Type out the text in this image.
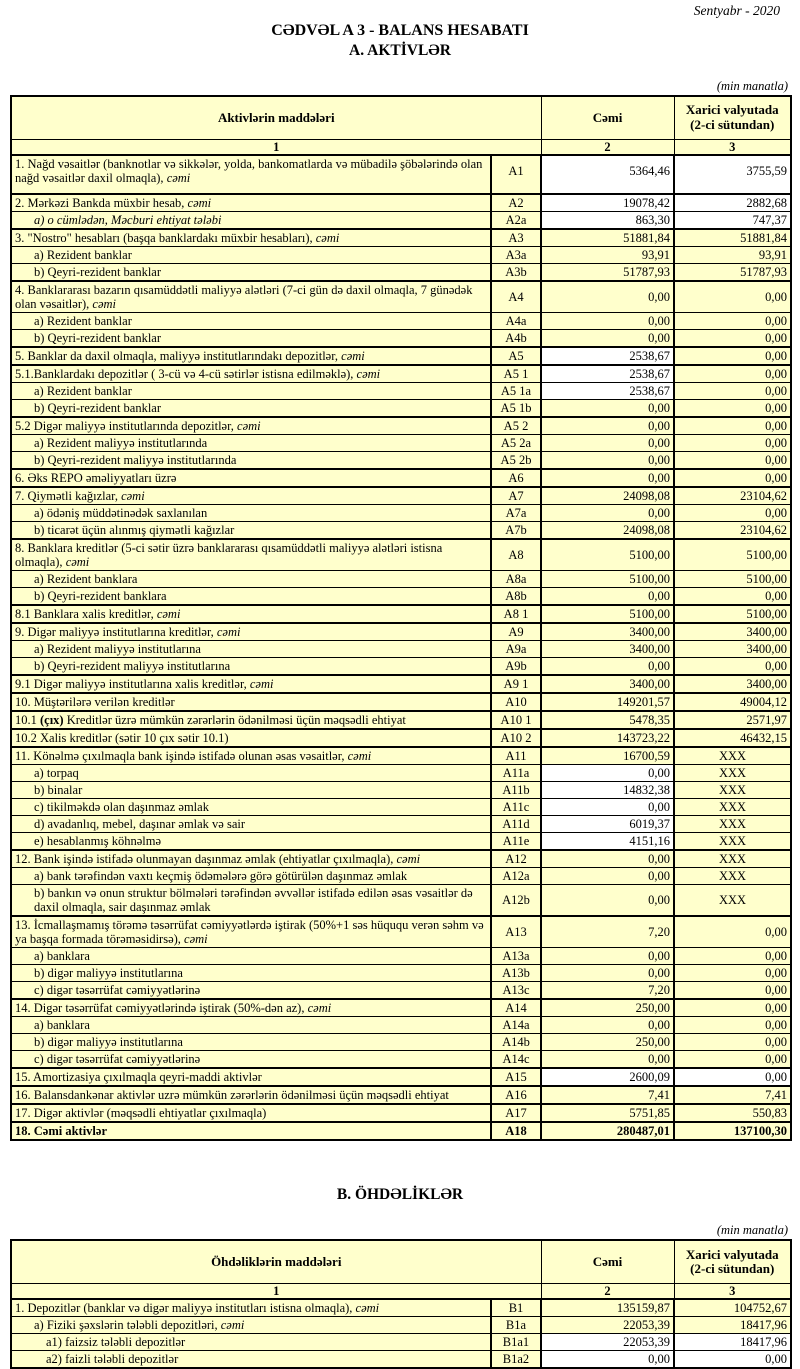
Sentyabr - 2020
CƏDVƏL A 3 - BALANS HESABATI
A. AKTİVLƏR
(min manatla)
Aktivlərin maddələri		Cəmi	Xarici valyutada (2-ci sütundan)
1		2	3
1. Nağd vəsaitlər (banknotlar və sikkələr, yolda, bankomatlarda və mübadilə şöbələrində olan nağd vəsaitlər daxil olmaqla), cəmi	A1	5364,46	3755,59
2. Mərkəzi Bankda müxbir hesab, cəmi	A2	19078,42	2882,68
a) o cümlədən, Məcburi ehtiyat tələbi	A2a	863,30	747,37
3. "Nostro" hesabları (başqa banklardakı müxbir hesabları), cəmi	A3	51881,84	51881,84
a) Rezident banklar	A3a	93,91	93,91
b) Qeyri-rezident banklar	A3b	51787,93	51787,93
4. Banklararası bazarın qısamüddətli maliyyə alətləri (7-ci gün də daxil olmaqla, 7 günədək olan vəsaitlər), cəmi	A4	0,00	0,00
a) Rezident banklar	A4a	0,00	0,00
b) Qeyri-rezident banklar	A4b	0,00	0,00
5. Banklar da daxil olmaqla, maliyyə institutlarındakı depozitlər, cəmi	A5	2538,67	0,00
5.1.Banklardakı depozitlər ( 3-cü və 4-cü sətirlər istisna edilməklə), cəmi	A5 1	2538,67	0,00
a) Rezident banklar	A5 1a	2538,67	0,00
b) Qeyri-rezident banklar	A5 1b	0,00	0,00
5.2 Digər maliyyə institutlarında depozitlər, cəmi	A5 2	0,00	0,00
a) Rezident maliyyə institutlarında	A5 2a	0,00	0,00
b) Qeyri-rezident maliyyə institutlarında	A5 2b	0,00	0,00
6. Əks REPO əməliyyatları üzrə	A6	0,00	0,00
7. Qiymətli kağızlar, cəmi	A7	24098,08	23104,62
a) ödəniş müddətinədək saxlanılan	A7a	0,00	0,00
b) ticarət üçün alınmış qiymətli kağızlar	A7b	24098,08	23104,62
8. Banklara kreditlər (5-ci sətir üzrə banklararası qısamüddətli maliyyə alətləri istisna olmaqla), cəmi	A8	5100,00	5100,00
a) Rezident banklara	A8a	5100,00	5100,00
b) Qeyri-rezident banklara	A8b	0,00	0,00
8.1 Banklara xalis kreditlər, cəmi	A8 1	5100,00	5100,00
9. Digər maliyyə institutlarına kreditlər, cəmi	A9	3400,00	3400,00
a) Rezident maliyyə institutlarına	A9a	3400,00	3400,00
b) Qeyri-rezident maliyyə institutlarına	A9b	0,00	0,00
9.1 Digər maliyyə institutlarına xalis kreditlər, cəmi	A9 1	3400,00	3400,00
10. Müştərilərə verilən kreditlər	A10	149201,57	49004,12
10.1 (çıx) Kreditlər üzrə mümkün zərərlərin ödənilməsi üçün məqsədli ehtiyat	A10 1	5478,35	2571,97
10.2 Xalis kreditlər (sətir 10 çıx sətir 10.1)	A10 2	143723,22	46432,15
11. Könəlmə çıxılmaqla bank işində istifadə olunan əsas vəsaitlər, cəmi	A11	16700,59	XXX
a) torpaq	A11a	0,00	XXX
b) binalar	A11b	14832,38	XXX
c) tikilməkdə olan daşınmaz əmlak	A11c	0,00	XXX
d) avadanlıq, mebel, daşınar əmlak və sair	A11d	6019,37	XXX
e) hesablanmış köhnəlmə	A11e	4151,16	XXX
12. Bank işində istifadə olunmayan daşınmaz əmlak (ehtiyatlar çıxılmaqla), cəmi	A12	0,00	XXX
a) bank tərəfindən vaxtı keçmiş ödəmələrə görə götürülən daşınmaz əmlak	A12a	0,00	XXX
b) bankın və onun struktur bölmələri tərəfindən əvvəllər istifadə edilən əsas vəsaitlər də daxil olmaqla, sair daşınmaz əmlak	A12b	0,00	XXX
13. İcmallaşmamış törəmə təsərrüfat cəmiyyətlərdə iştirak (50%+1 səs hüququ verən səhm və ya başqa formada törəməsidirsə), cəmi	A13	7,20	0,00
a) banklara	A13a	0,00	0,00
b) digər maliyyə institutlarına	A13b	0,00	0,00
c) digər təsərrüfat cəmiyyətlərinə	A13c	7,20	0,00
14. Digər təsərrüfat cəmiyyətlərində iştirak (50%-dən az), cəmi	A14	250,00	0,00
a) banklara	A14a	0,00	0,00
b) digər maliyyə institutlarına	A14b	250,00	0,00
c) digər təsərrüfat cəmiyyətlərinə	A14c	0,00	0,00
15. Amortizasiya çıxılmaqla qeyri-maddi aktivlər	A15	2600,09	0,00
16. Balansdankənar aktivlər uzrə mümkün zərərlərin ödənilməsi üçün məqsədli ehtiyat	A16	7,41	7,41
17. Digər aktivlər (məqsədli ehtiyatlar çıxılmaqla)	A17	5751,85	550,83
18. Cəmi aktivlər	A18	280487,01	137100,30
B. ÖHDƏLİKLƏR
(min manatla)
Öhdəliklərin maddələri		Cəmi	Xarici valyutada (2-ci sütundan)
1		2	3
1. Depozitlər (banklar və digər maliyyə institutları istisna olmaqla), cəmi	B1	135159,87	104752,67
a) Fiziki şəxslərin tələbli depozitləri, cəmi	B1a	22053,39	18417,96
a1) faizsiz tələbli depozitlər	B1a1	22053,39	18417,96
a2) faizli tələbli depozitlər	B1a2	0,00	0,00
